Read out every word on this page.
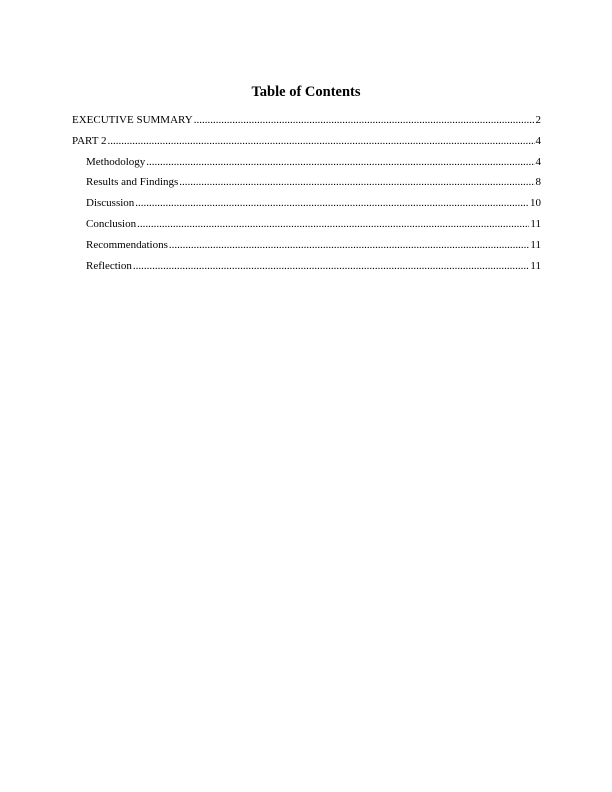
Table of Contents
EXECUTIVE SUMMARY .....	2
PART 2 .....	4
Methodology .....	4
Results and Findings .....	8
Discussion .....	10
Conclusion .....	11
Recommendations .....	11
Reflection .....	11
